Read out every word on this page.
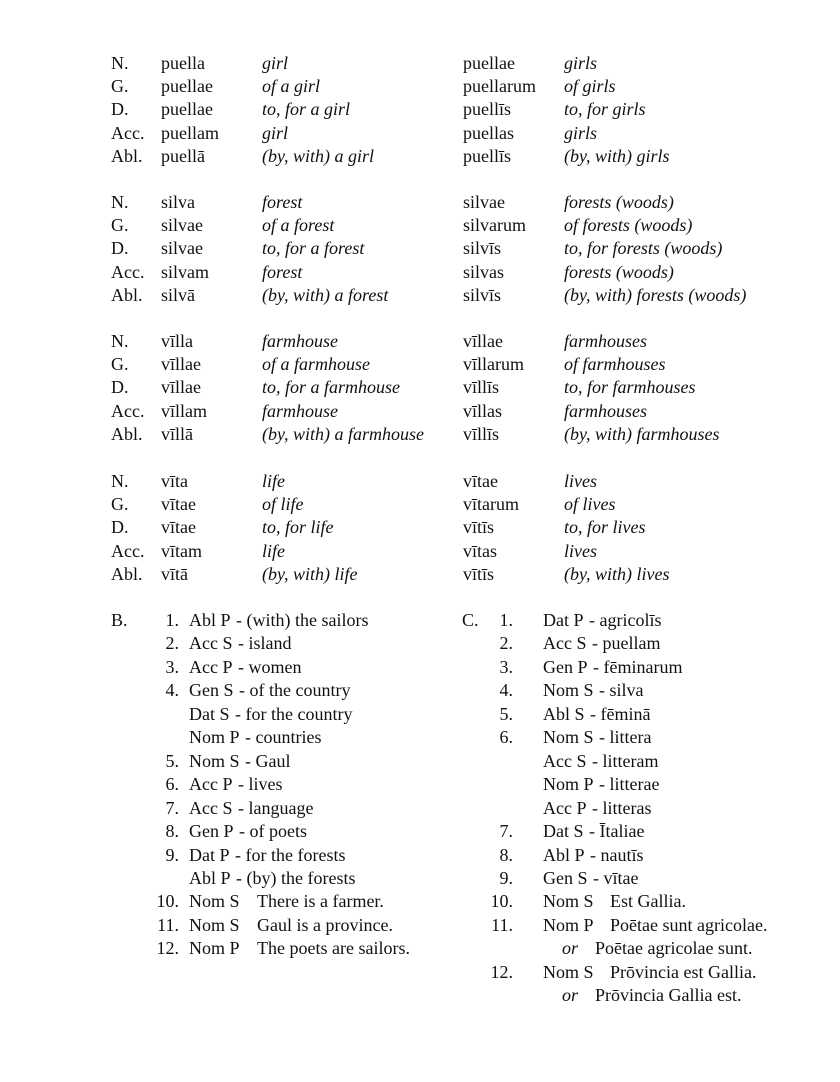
N. puella	girl	puellae	girls
G. puellae	of a girl	puellarum of girls
D. puellae	to, for a girl	puellīs	to, for girls
Acc. puellam girl	puellas	girls
Abl. puellā	(by, with) a girl	puellīs	(by, with) girls
N. silva	forest	silvae	forests (woods)
G. silvae	of a forest	silvarum of forests (woods)
D. silvae	to, for a forest	silvīs	to, for forests (woods)
Acc. silvam	forest	silvas	forests (woods)
Abl. silvā	(by, with) a forest	silvīs	(by, with) forests (woods)
N. vīlla	farmhouse	vīllae	farmhouses
G. vīllae	of a farmhouse	vīllarum of farmhouses
D. vīllae	to, for a farmhouse	vīllīs	to, for farmhouses
Acc. vīllam	farmhouse	vīllas	farmhouses
Abl. vīllā	(by, with) a farmhouse vīllīs	(by, with) farmhouses
N. vīta	life	vītae	lives
G. vītae	of life	vītarum	of lives
D. vītae	to, for life	vītīs	to, for lives
Acc. vītam	life	vītas	lives
Abl. vītā	(by, with) life	vītīs	(by, with) lives
B.	1. Abl P - (with) the sailors
2. Acc S - island
3. Acc P - women
4. Gen S - of the country
Dat S - for the country
Nom P - countries
5. Nom S - Gaul
6. Acc P - lives
7. Acc S - language
8. Gen P - of poets
9. Dat P - for the forests
Abl P - (by) the forests
10. Nom S There is a farmer.
11. Nom S Gaul is a province.
12. Nom P The poets are sailors.
C.	1. Dat P - agricolīs
2. Acc S - puellam
3. Gen P - fēminarum
4. Nom S - silva
5. Abl S - fēminā
6. Nom S - littera
Acc S - litteram
Nom P - litterae
Acc P - litteras
7. Dat S - Ītaliae
8. Abl P - nautīs
9. Gen S - vītae
10. Nom S Est Gallia.
11. Nom P Poētae sunt agricolae.
or Poētae agricolae sunt.
12. Nom S Prōvincia est Gallia.
or Prōvincia Gallia est.
